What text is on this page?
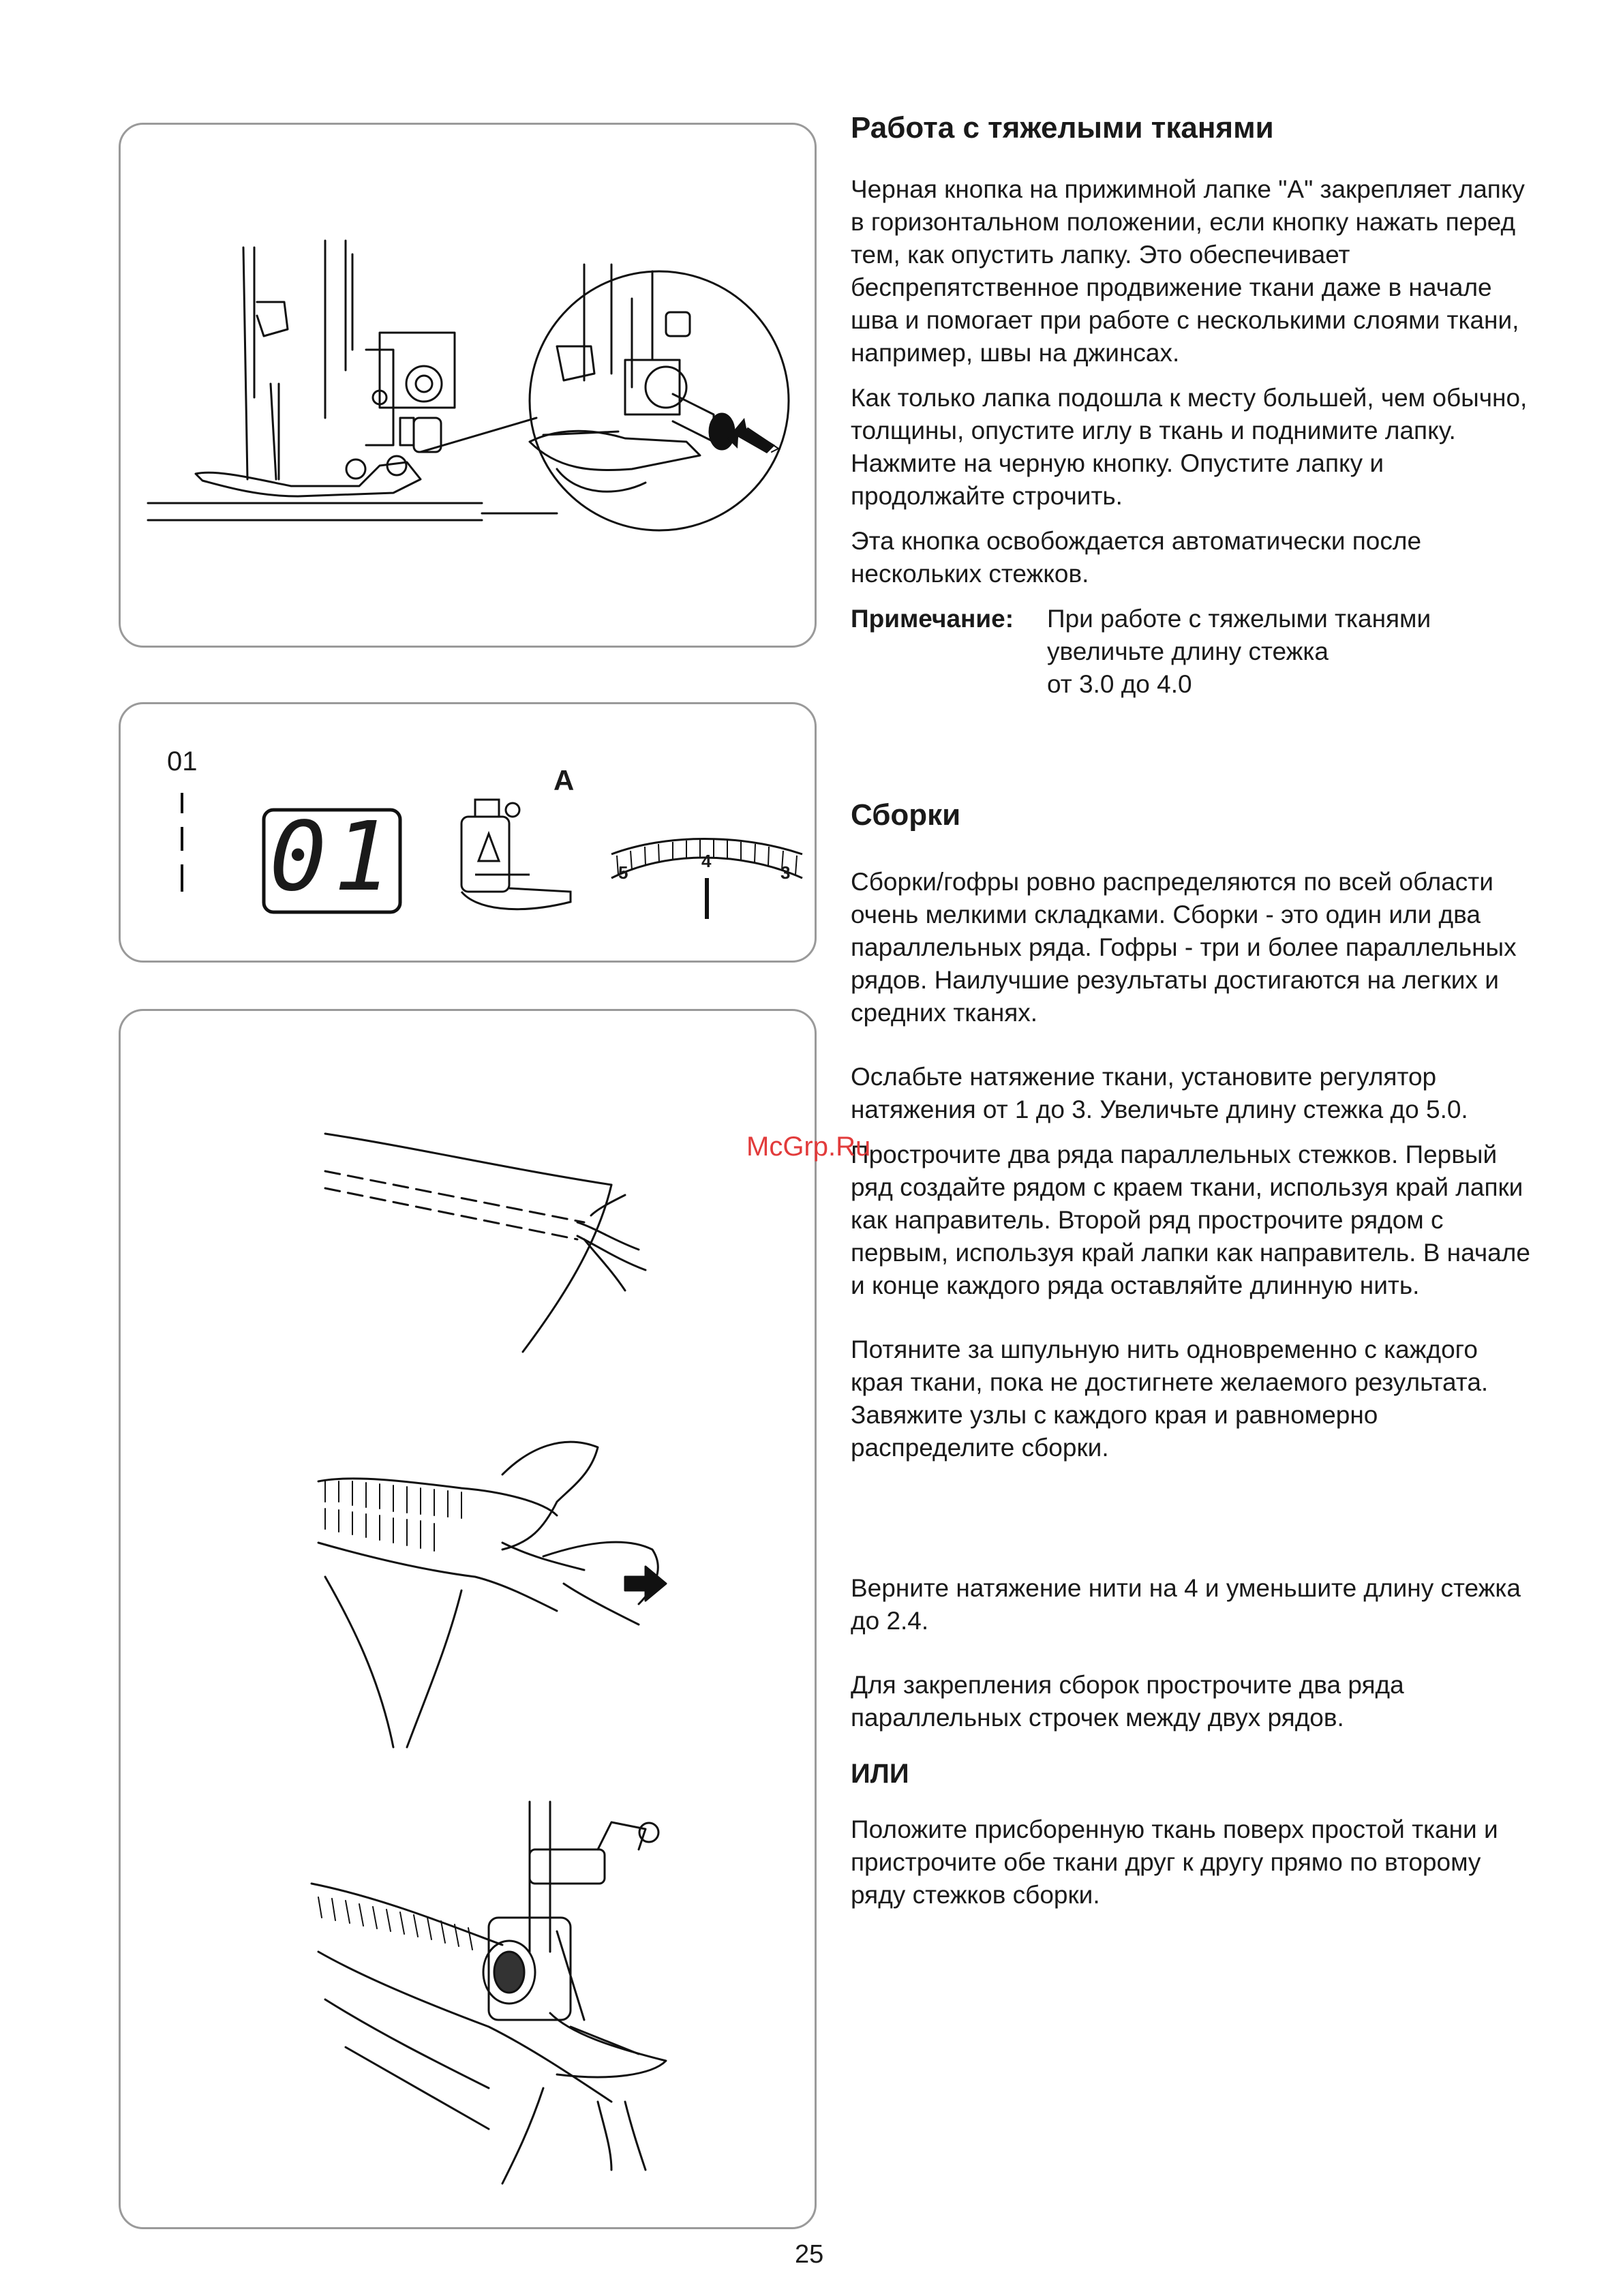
01
01
A
5
4
3
Работа с тяжелыми тканями

Черная кнопка на прижимной лапке "А" закрепляет лапку в горизонтальном положении, если кнопку нажать перед тем, как опустить лапку. Это обеспечивает беспрепятственное продвижение ткани даже в начале шва и помогает при работе с несколькими слоями ткани, например, швы на джинсах.

Как только лапка подошла к месту большей, чем обычно, толщины, опустите иглу в ткань и поднимите лапку. Нажмите на черную кнопку. Опустите лапку и продолжайте строчить.

Эта кнопка освобождается автоматически после нескольких стежков.

Примечание:	При работе с тяжелыми тканями
увеличьте длину стежка
от 3.0 до 4.0
Сборки

Сборки/гофры ровно распределяются по всей области очень мелкими складками. Сборки - это один или два параллельных ряда. Гофры - три и более параллельных рядов. Наилучшие результаты достигаются на легких и средних тканях.

Ослабьте натяжение ткани, установите регулятор натяжения от 1 до 3. Увеличьте длину стежка до 5.0.

Прострочите два ряда параллельных стежков. Первый ряд создайте рядом с краем ткани, используя край лапки как направитель. Второй ряд прострочите рядом с первым, используя край лапки как направитель. В начале и конце каждого ряда оставляйте длинную нить.

Потяните за шпульную нить одновременно с каждого края ткани, пока не достигнете желаемого результата. Завяжите узлы с каждого края и равномерно распределите сборки.

Верните натяжение нити на 4 и уменьшите длину стежка до 2.4.

Для закрепления сборок прострочите два ряда параллельных строчек между двух рядов.

ИЛИ

Положите присборенную ткань поверх простой ткани и пристрочите обе ткани друг к другу прямо по второму ряду стежков сборки.

McGrp.Ru
25
